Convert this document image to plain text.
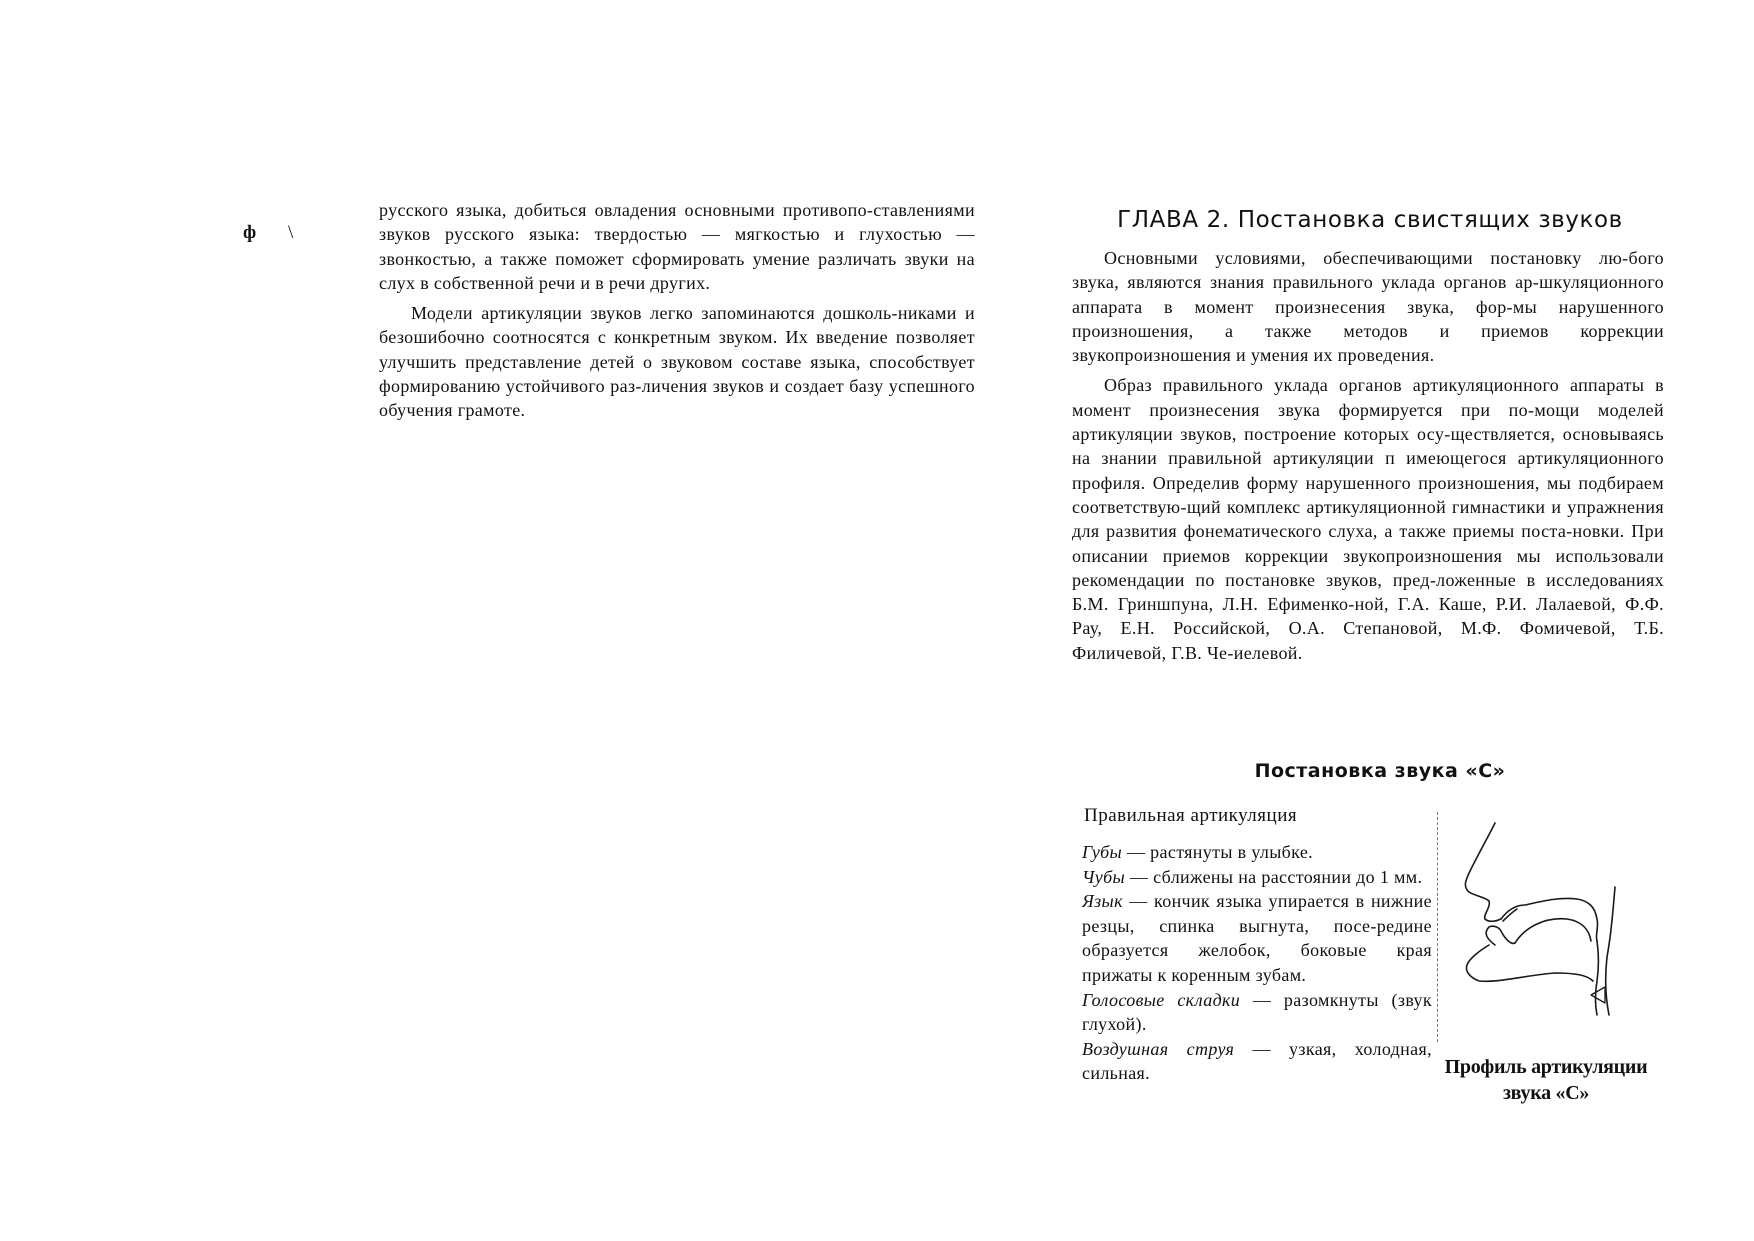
ф \

русского языка, добиться овладения основными противопо-ставлениями звуков русского языка: твердостью — мягкостью и глухостью — звонкостью, а также поможет сформировать умение различать звуки на слух в собственной речи и в речи других.

Модели артикуляции звуков легко запоминаются дошколь-никами и безошибочно соотносятся с конкретным звуком. Их введение позволяет улучшить представление детей о звуковом составе языка, способствует формированию устойчивого раз-личения звуков и создает базу успешного обучения грамоте.

ГЛАВА 2. Постановка свистящих звуков

Основными условиями, обеспечивающими постановку лю-бого звука, являются знания правильного уклада органов ар-шкуляционного аппарата в момент произнесения звука, фор-мы нарушенного произношения, а также методов и приемов коррекции звукопроизношения и умения их проведения.

Образ правильного уклада органов артикуляционного аппараты в момент произнесения звука формируется при по-мощи моделей артикуляции звуков, построение которых осу-ществляется, основываясь на знании правильной артикуляции п имеющегося артикуляционного профиля. Определив форму нарушенного произношения, мы подбираем соответствую-щий комплекс артикуляционной гимнастики и упражнения для развития фонематического слуха, а также приемы поста-новки. При описании приемов коррекции звукопроизношения мы использовали рекомендации по постановке звуков, пред-ложенные в исследованиях Б.М. Гриншпуна, Л.Н. Ефименко-ной, Г.А. Каше, Р.И. Лалаевой, Ф.Ф. Рау, Е.Н. Российской, О.А. Степановой, М.Ф. Фомичевой, Т.Б. Филичевой, Г.В. Че-иелевой.

Постановка звука «С»
Правильная артикуляция

Губы — растянуты в улыбке.

Чубы — сближены на расстоянии до 1 мм.

Язык — кончик языка упирается в нижние резцы, спинка выгнута, посе-редине образуется желобок, боковые края прижаты к коренным зубам.

Голосовые складки — разомкнуты (звук глухой).

Воздушная струя — узкая, холодная, сильная.	Профиль артикуляции
звука «С»
